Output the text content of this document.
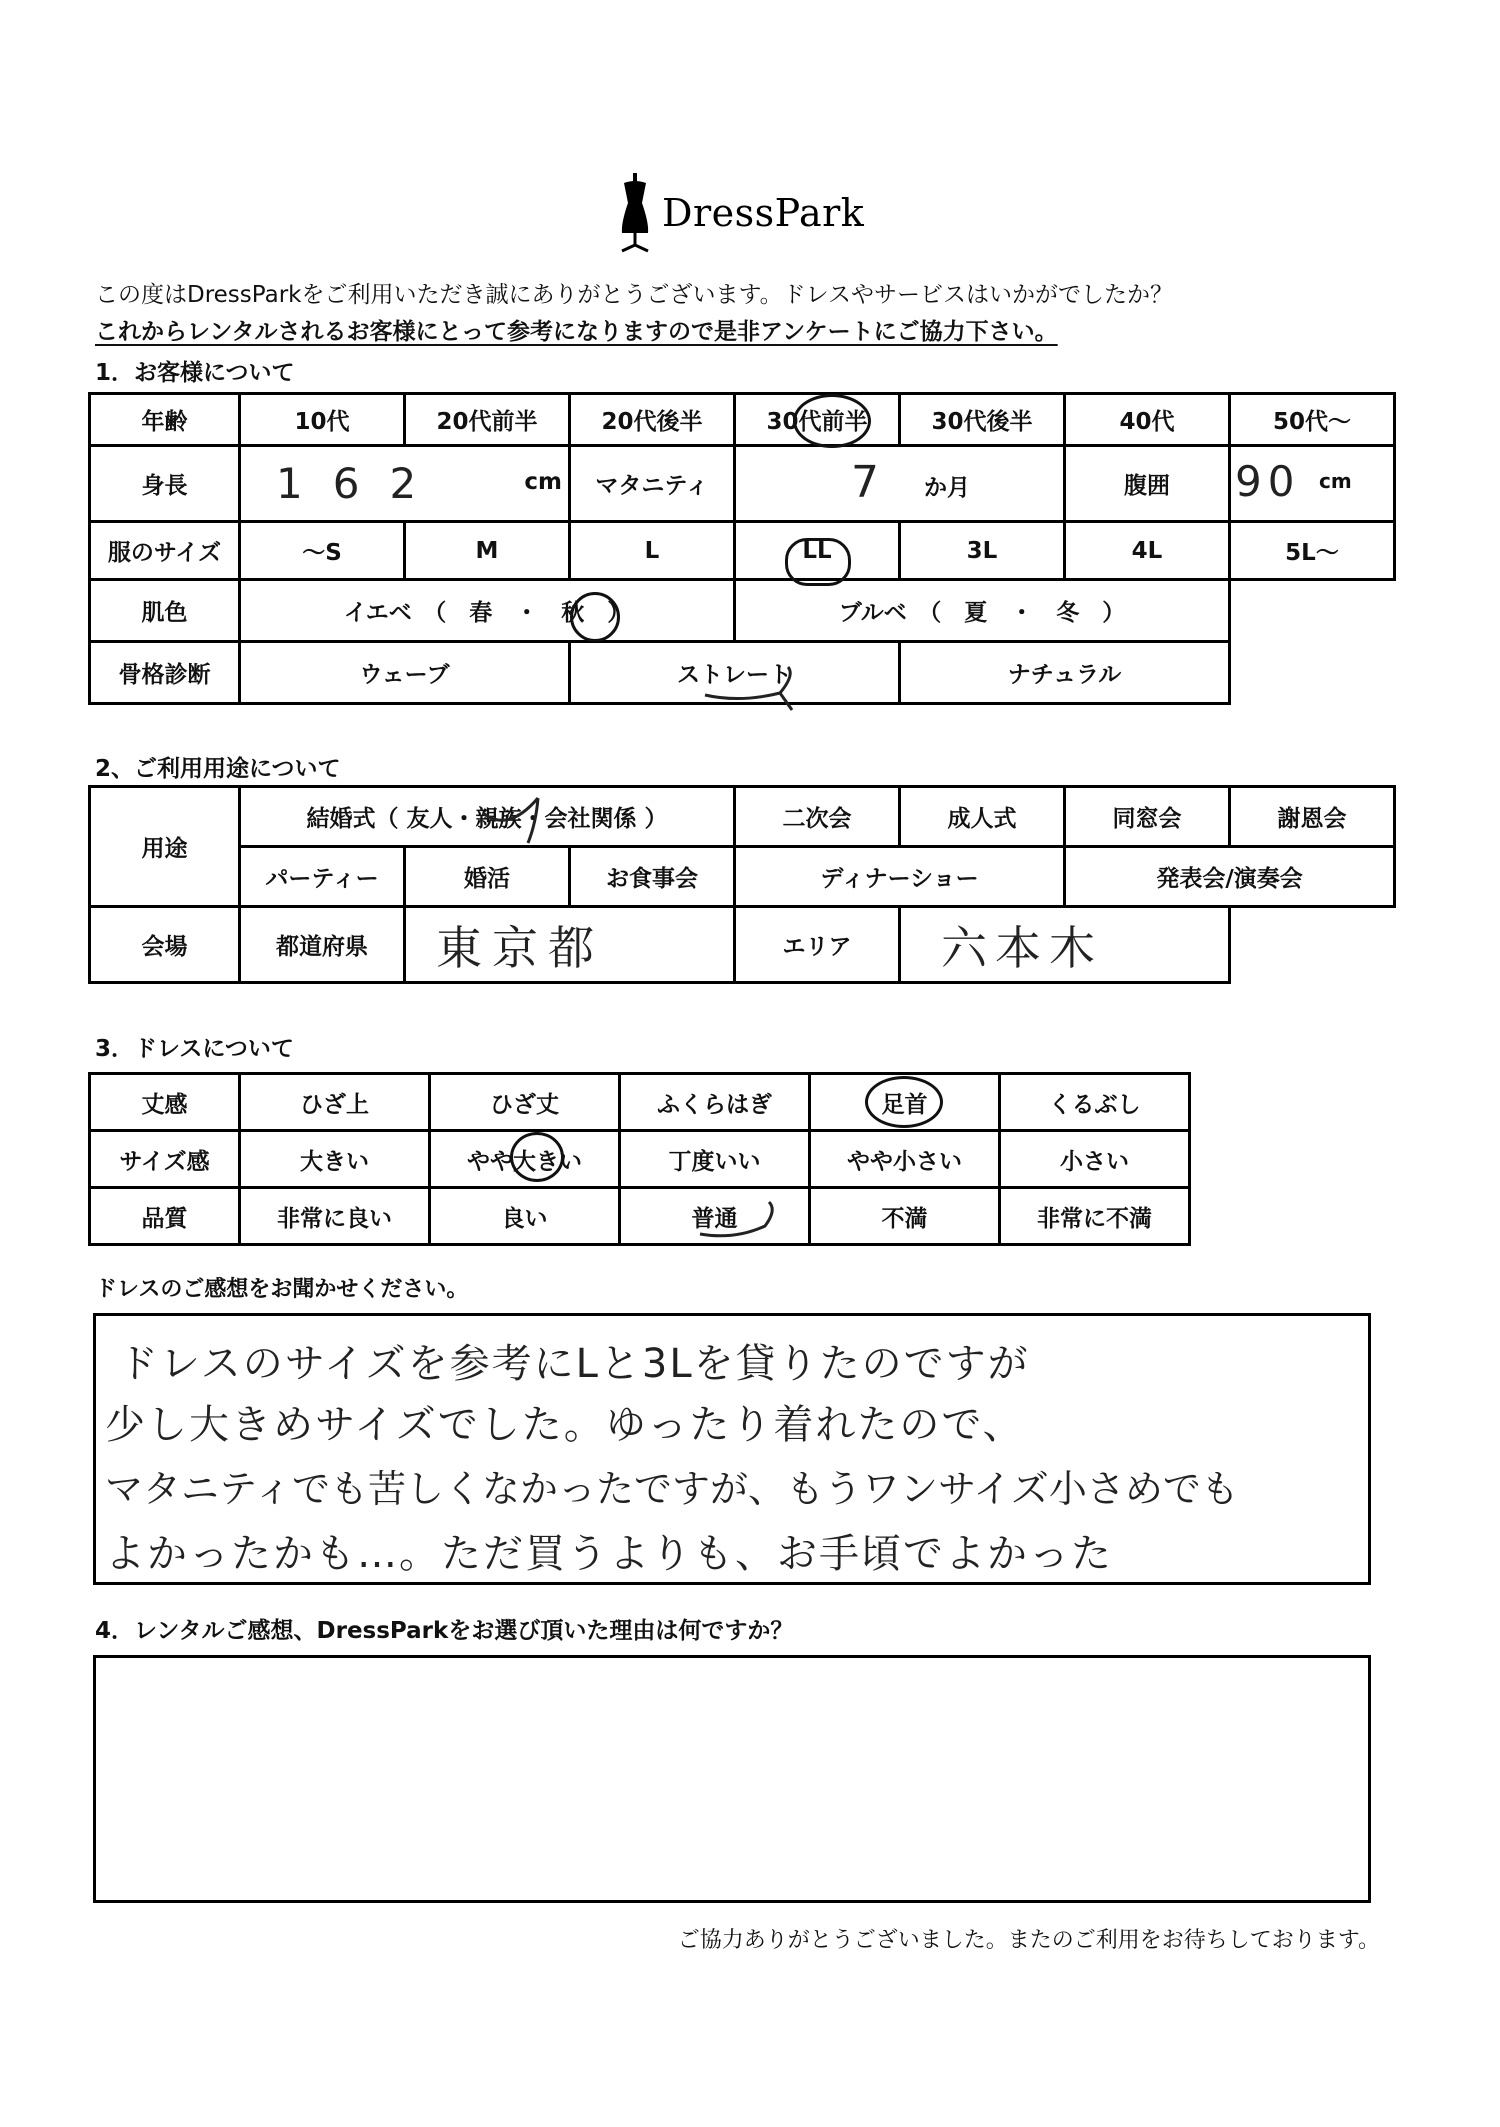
DressPark
この度はDressParkをご利用いただき誠にありがとうございます。ドレスやサービスはいかがでしたか？
これからレンタルされるお客様にとって参考になりますので是非アンケートにご協力下さい。
1．お客様について
年齢	10代	20代前半	20代後半	30代前半	30代後半	40代	50代～
身長	162 cm		マタニティ	7 か月		腹囲	90 cm

服のサイズ	～S	M	L	LL	3L	4L	5L～
肌色	イエベ　（　春　・　秋　）			ブルベ　（　夏　・　冬　）			
骨格診断	ウェーブ		ストレート		ナチュラル		
2、ご利用用途について
用途	結婚式（ 友人・親族・会社関係 ）			二次会	成人式	同窓会	謝恩会
	パーティー	婚活	お食事会	ディナーショー		発表会/演奏会	
会場	都道府県	東京都		エリア	六本木		
3．ドレスについて
丈感	ひざ上	ひざ丈	ふくらはぎ	足首	くるぶし
サイズ感	大きい	やや大きい	丁度いい	やや小さい	小さい
品質	非常に良い	良い	普通	不満	非常に不満
ドレスのご感想をお聞かせください。
ドレスのサイズを参考にLと3Lを貸りたのですが
少し大きめサイズでした。ゆったり着れたので、
マタニティでも苦しくなかったですが、もうワンサイズ小さめでも
よかったかも…。ただ買うよりも、お手頃でよかった
4．レンタルご感想、DressParkをお選び頂いた理由は何ですか？
ご協力ありがとうございました。またのご利用をお待ちしております。
